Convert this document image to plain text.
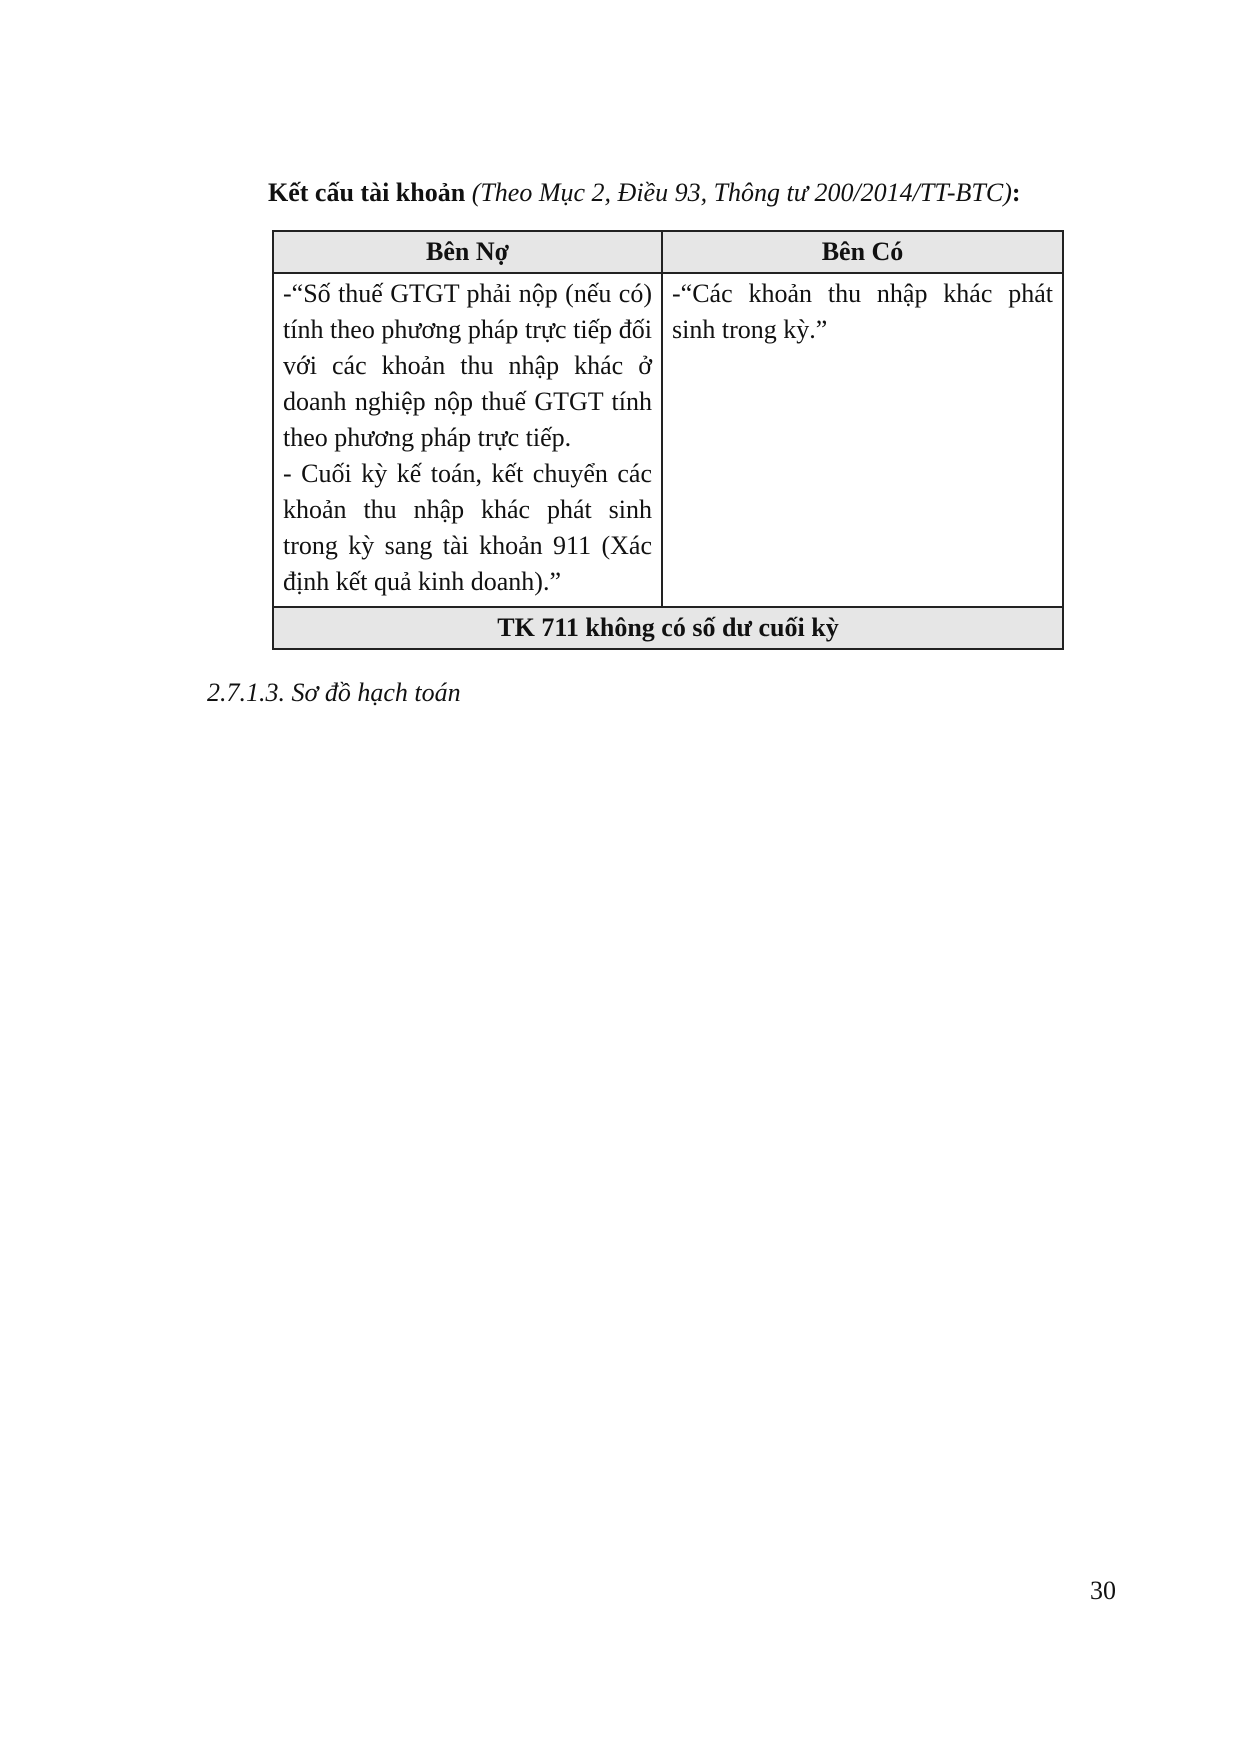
Kết cấu tài khoản (Theo Mục 2, Điều 93, Thông tư 200/2014/TT-BTC):
Bên Nợ	Bên Có

-“Số thuế GTGT phải nộp (nếu có) tính theo phương pháp trực tiếp đối với các khoản thu nhập khác ở doanh nghiệp nộp thuế GTGT tính theo phương pháp trực tiếp.

- Cuối kỳ kế toán, kết chuyển các khoản thu nhập khác phát sinh trong kỳ sang tài khoản 911 (Xác định kết quả kinh doanh).”	-“Các khoản thu nhập khác phát sinh trong kỳ.”

TK 711 không có số dư cuối kỳ	
2.7.1.3. Sơ đồ hạch toán
30
